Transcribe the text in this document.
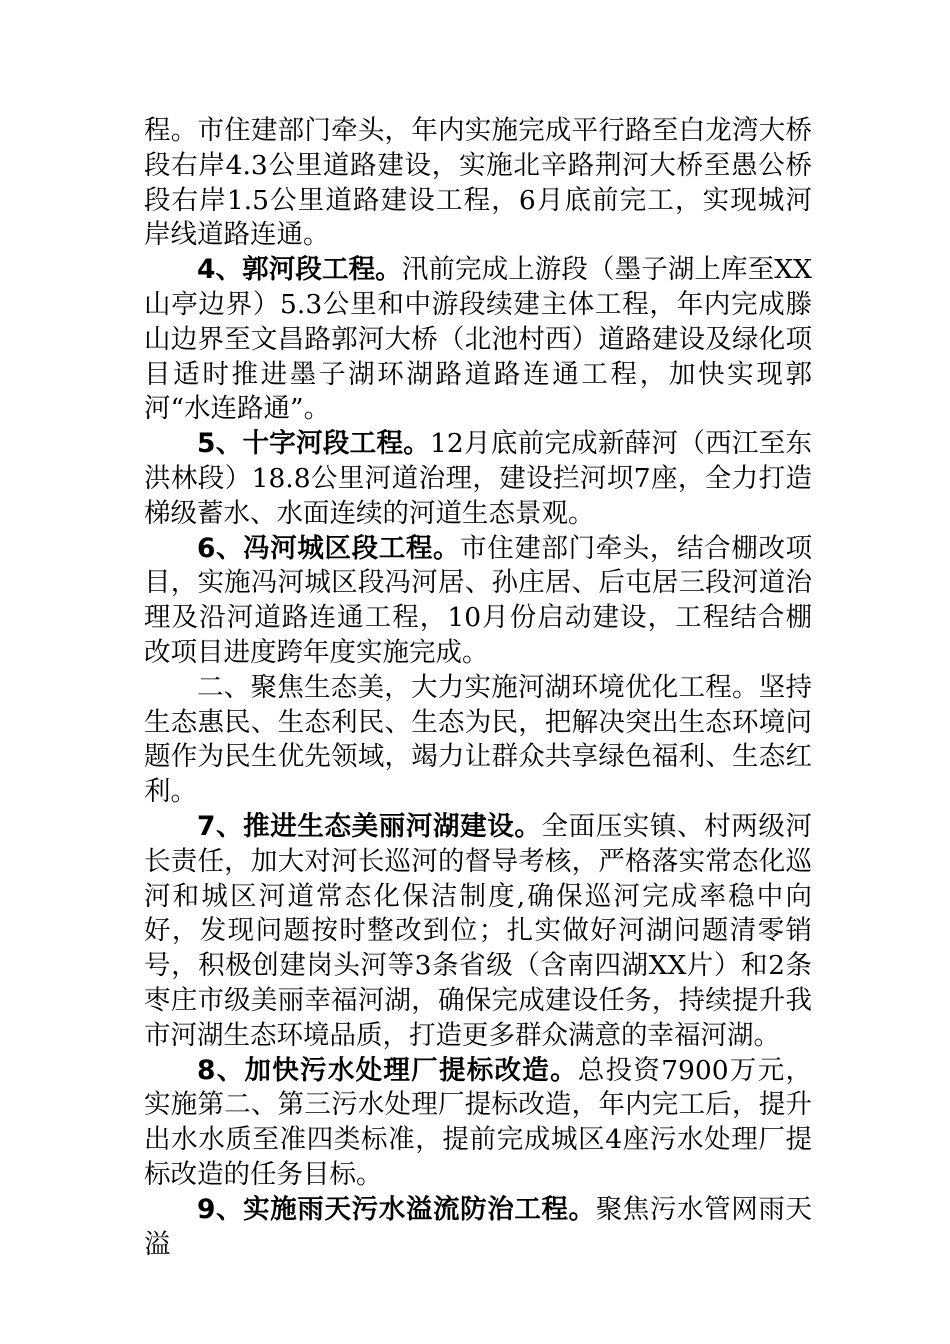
程。市住建部门牵头，年内实施完成平行路至白龙湾大桥段右岸4.3公里道路建设，实施北辛路荆河大桥至愚公桥段右岸1.5公里道路建设工程，6月底前完工，实现城河岸线道路连通。

4、郭河段工程。汛前完成上游段（墨子湖上库至XX山亭边界）5.3公里和中游段续建主体工程，年内完成滕山边界至文昌路郭河大桥（北池村西）道路建设及绿化项目适时推进墨子湖环湖路道路连通工程，加快实现郭河“水连路通”。

5、十字河段工程。12月底前完成新薛河（西江至东洪林段）18.8公里河道治理，建设拦河坝7座，全力打造梯级蓄水、水面连续的河道生态景观。

6、冯河城区段工程。市住建部门牵头，结合棚改项目，实施冯河城区段冯河居、孙庄居、后屯居三段河道治理及沿河道路连通工程，10月份启动建设，工程结合棚改项目进度跨年度实施完成。

二、聚焦生态美，大力实施河湖环境优化工程。坚持生态惠民、生态利民、生态为民，把解决突出生态环境问题作为民生优先领域，竭力让群众共享绿色福利、生态红利。

7、推进生态美丽河湖建设。全面压实镇、村两级河长责任，加大对河长巡河的督导考核，严格落实常态化巡河和城区河道常态化保洁制度,确保巡河完成率稳中向好，发现问题按时整改到位；扎实做好河湖问题清零销号，积极创建岗头河等3条省级（含南四湖XX片）和2条枣庄市级美丽幸福河湖，确保完成建设任务，持续提升我市河湖生态环境品质，打造更多群众满意的幸福河湖。

8、加快污水处理厂提标改造。总投资7900万元，实施第二、第三污水处理厂提标改造，年内完工后，提升出水水质至准四类标准，提前完成城区4座污水处理厂提标改造的任务目标。

9、实施雨天污水溢流防治工程。聚焦污水管网雨天溢
